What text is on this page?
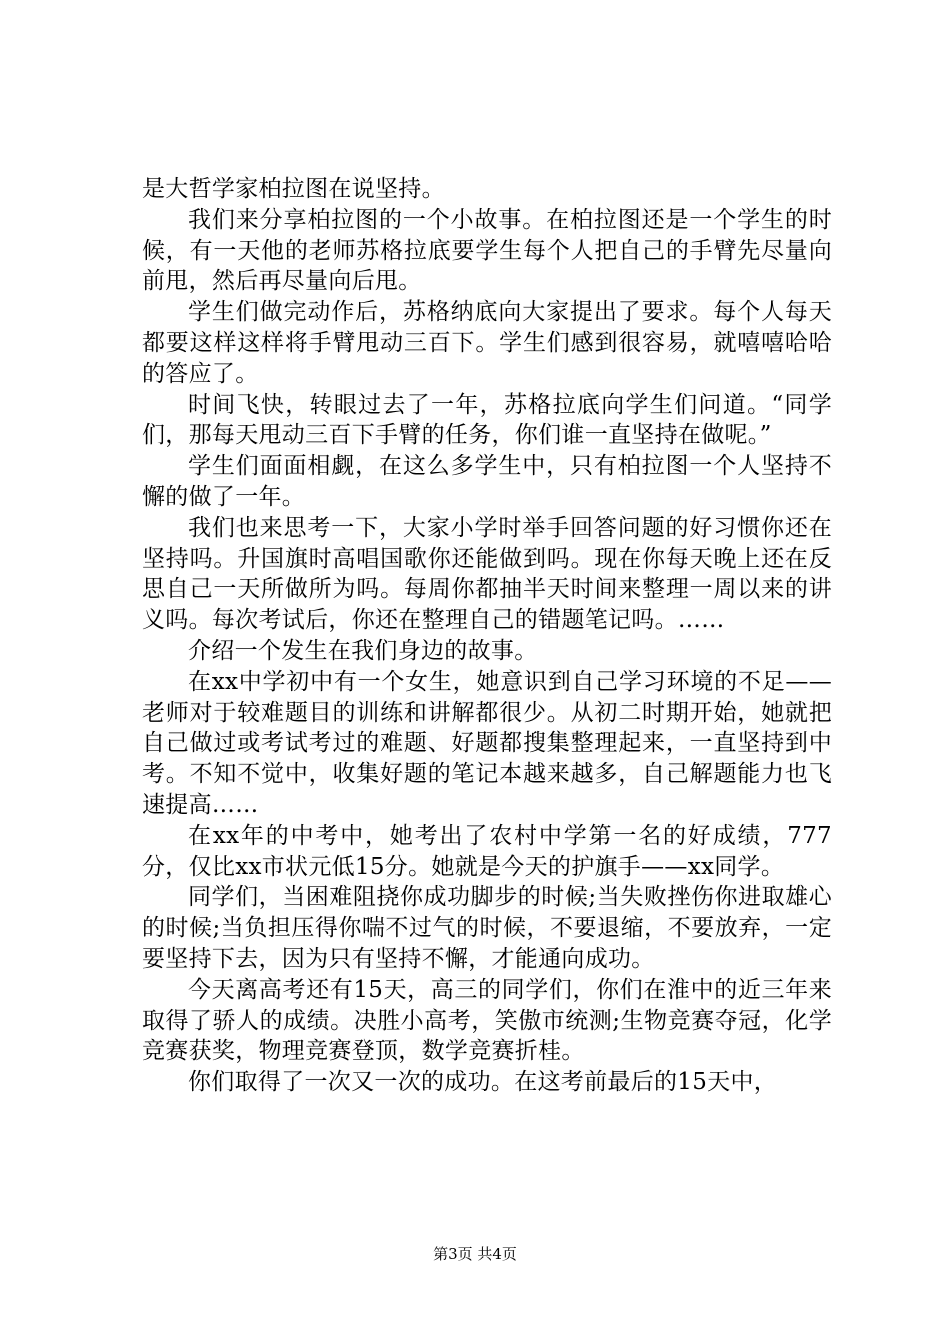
是大哲学家柏拉图在说坚持。

我们来分享柏拉图的一个小故事。在柏拉图还是一个学生的时候，有一天他的老师苏格拉底要学生每个人把自己的手臂先尽量向前甩，然后再尽量向后甩。

学生们做完动作后，苏格纳底向大家提出了要求。每个人每天都要这样这样将手臂甩动三百下。学生们感到很容易，就嘻嘻哈哈的答应了。

时间飞快，转眼过去了一年，苏格拉底向学生们问道。“同学们，那每天甩动三百下手臂的任务，你们谁一直坚持在做呢。”

学生们面面相觑，在这么多学生中，只有柏拉图一个人坚持不懈的做了一年。

我们也来思考一下，大家小学时举手回答问题的好习惯你还在坚持吗。升国旗时高唱国歌你还能做到吗。现在你每天晚上还在反思自己一天所做所为吗。每周你都抽半天时间来整理一周以来的讲义吗。每次考试后，你还在整理自己的错题笔记吗。……

介绍一个发生在我们身边的故事。

在xx中学初中有一个女生，她意识到自己学习环境的不足——老师对于较难题目的训练和讲解都很少。从初二时期开始，她就把自己做过或考试考过的难题、好题都搜集整理起来，一直坚持到中考。不知不觉中，收集好题的笔记本越来越多，自己解题能力也飞速提高……

在xx年的中考中，她考出了农村中学第一名的好成绩，777分，仅比xx市状元低15分。她就是今天的护旗手——xx同学。

同学们，当困难阻挠你成功脚步的时候;当失败挫伤你进取雄心的时候;当负担压得你喘不过气的时候，不要退缩，不要放弃，一定要坚持下去，因为只有坚持不懈，才能通向成功。

今天离高考还有15天，高三的同学们，你们在淮中的近三年来取得了骄人的成绩。决胜小高考，笑傲市统测;生物竞赛夺冠，化学竞赛获奖，物理竞赛登顶，数学竞赛折桂。

你们取得了一次又一次的成功。在这考前最后的15天中，

第3页 共4页
